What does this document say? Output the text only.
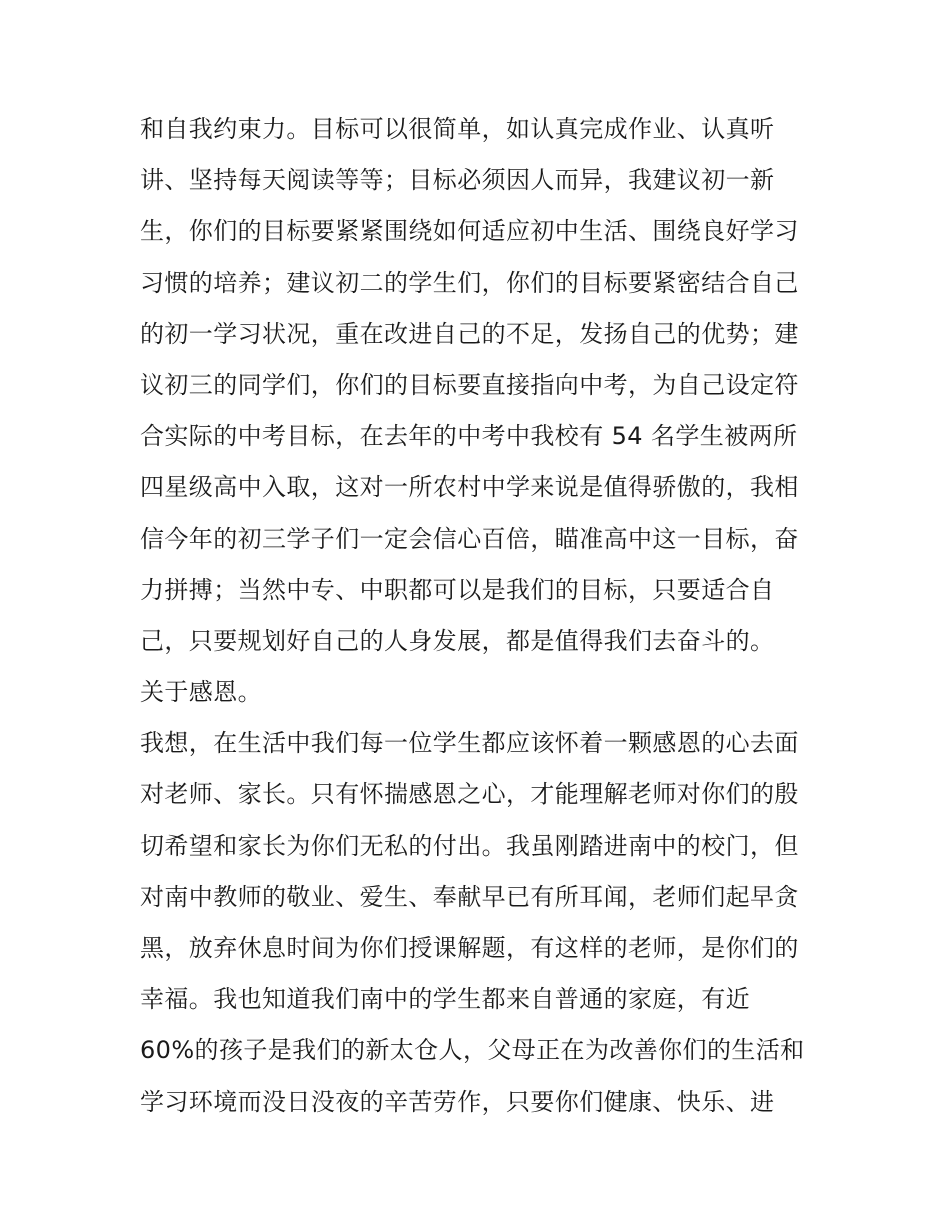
和自我约束力。目标可以很简单，如认真完成作业、认真听
讲、坚持每天阅读等等；目标必须因人而异，我建议初一新
生，你们的目标要紧紧围绕如何适应初中生活、围绕良好学习
习惯的培养；建议初二的学生们，你们的目标要紧密结合自己
的初一学习状况，重在改进自己的不足，发扬自己的优势；建
议初三的同学们，你们的目标要直接指向中考，为自己设定符
合实际的中考目标，在去年的中考中我校有 54 名学生被两所
四星级高中入取，这对一所农村中学来说是值得骄傲的，我相
信今年的初三学子们一定会信心百倍，瞄准高中这一目标，奋
力拼搏；当然中专、中职都可以是我们的目标，只要适合自
己，只要规划好自己的人身发展，都是值得我们去奋斗的。
关于感恩。
我想，在生活中我们每一位学生都应该怀着一颗感恩的心去面
对老师、家长。只有怀揣感恩之心，才能理解老师对你们的殷
切希望和家长为你们无私的付出。我虽刚踏进南中的校门，但
对南中教师的敬业、爱生、奉献早已有所耳闻，老师们起早贪
黑，放弃休息时间为你们授课解题，有这样的老师，是你们的
幸福。我也知道我们南中的学生都来自普通的家庭，有近
60%的孩子是我们的新太仓人，父母正在为改善你们的生活和
学习环境而没日没夜的辛苦劳作，只要你们健康、快乐、进
